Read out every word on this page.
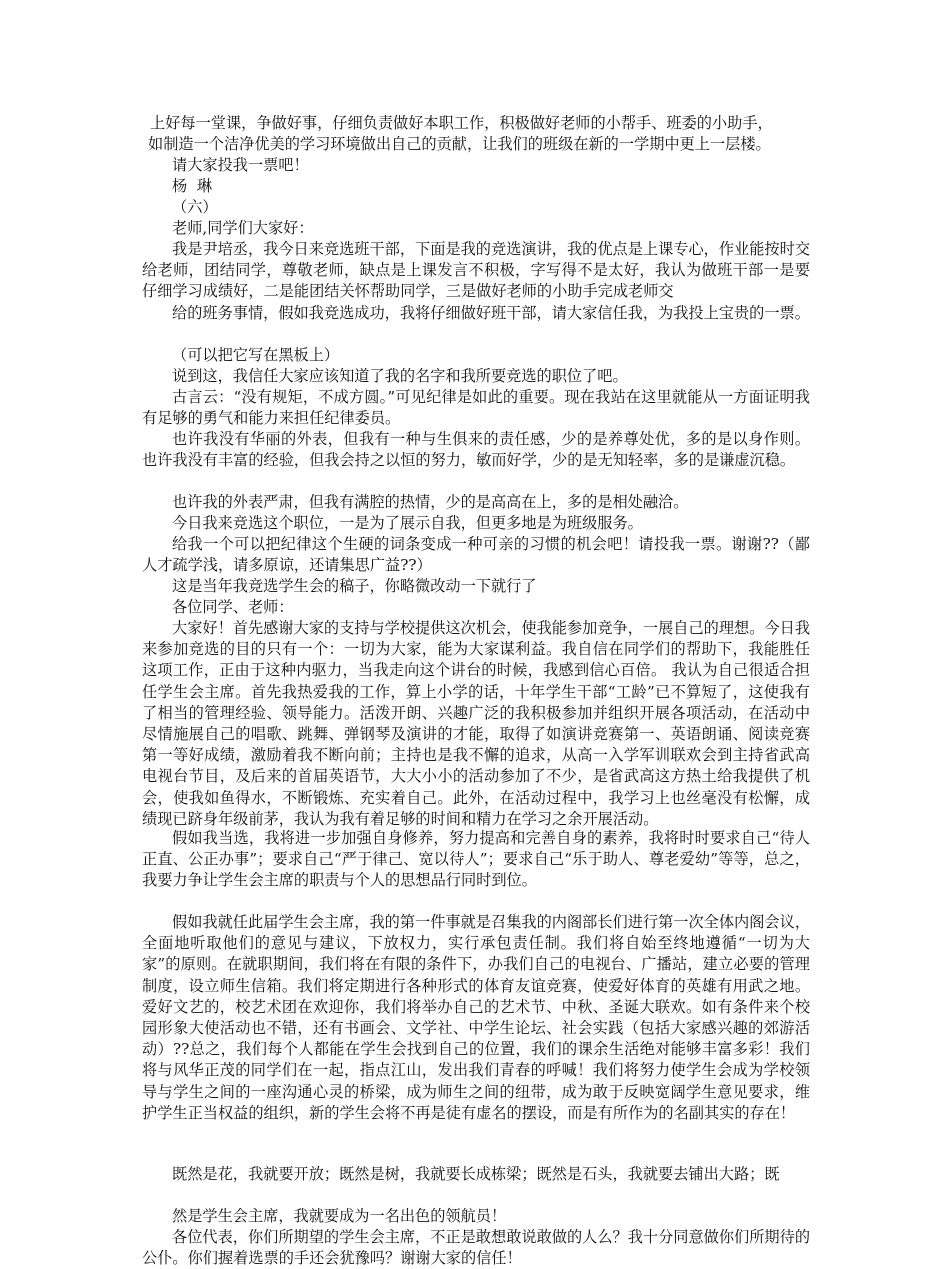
上好每一堂课，争做好事，仔细负责做好本职工作，积极做好老师的小帮手、班委的小助手，

如制造一个洁净优美的学习环境做出自己的贡献，让我们的班级在新的一学期中更上一层楼。

请大家投我一票吧！

杨  琳

（六）

老师,同学们大家好：

我是尹培丞，我今日来竞选班干部，下面是我的竞选演讲，我的优点是上课专心，作业能按时交给老师，团结同学，尊敬老师，缺点是上课发言不积极，字写得不是太好，我认为做班干部一是要仔细学习成绩好，二是能团结关怀帮助同学，三是做好老师的小助手完成老师交

给的班务事情，假如我竞选成功，我将仔细做好班干部，请大家信任我，为我投上宝贵的一票。

（可以把它写在黑板上）

说到这，我信任大家应该知道了我的名字和我所要竞选的职位了吧。

古言云：“没有规矩，不成方圆。”可见纪律是如此的重要。现在我站在这里就能从一方面证明我有足够的勇气和能力来担任纪律委员。

也许我没有华丽的外表，但我有一种与生俱来的责任感，少的是养尊处优，多的是以身作则。 也许我没有丰富的经验，但我会持之以恒的努力，敏而好学，少的是无知轻率，多的是谦虚沉稳。

也许我的外表严肃，但我有满腔的热情，少的是高高在上，多的是相处融洽。

今日我来竞选这个职位，一是为了展示自我，但更多地是为班级服务。

给我一个可以把纪律这个生硬的词条变成一种可亲的习惯的机会吧！请投我一票。谢谢??（鄙人才疏学浅，请多原谅，还请集思广益??）

这是当年我竞选学生会的稿子，你略微改动一下就行了

各位同学、老师：

大家好！首先感谢大家的支持与学校提供这次机会，使我能参加竞争，一展自己的理想。今日我来参加竞选的目的只有一个：一切为大家，能为大家谋利益。我自信在同学们的帮助下，我能胜任这项工作，正由于这种内驱力，当我走向这个讲台的时候，我感到信心百倍。 我认为自己很适合担任学生会主席。首先我热爱我的工作，算上小学的话，十年学生干部“工龄”已不算短了，这使我有了相当的管理经验、领导能力。活泼开朗、兴趣广泛的我积极参加并组织开展各项活动，在活动中尽情施展自己的唱歌、跳舞、弹钢琴及演讲的才能，取得了如演讲竞赛第一、英语朗诵、阅读竞赛第一等好成绩，激励着我不断向前；主持也是我不懈的追求，从高一入学军训联欢会到主持省武高电视台节目，及后来的首届英语节，大大小小的活动参加了不少，是省武高这方热土给我提供了机会，使我如鱼得水，不断锻炼、充实着自己。此外，在活动过程中，我学习上也丝毫没有松懈，成绩现已跻身年级前茅，我认为我有着足够的时间和精力在学习之余开展活动。

假如我当选，我将进一步加强自身修养，努力提高和完善自身的素养，我将时时要求自己“待人正直、公正办事”；要求自己“严于律己、宽以待人”；要求自己“乐于助人、尊老爱幼”等等，总之，我要力争让学生会主席的职责与个人的思想品行同时到位。

假如我就任此届学生会主席，我的第一件事就是召集我的内阁部长们进行第一次全体内阁会议，全面地听取他们的意见与建议，下放权力，实行承包责任制。我们将自始至终地遵循“一切为大家”的原则。在就职期间，我们将在有限的条件下，办我们自己的电视台、广播站，建立必要的管理制度，设立师生信箱。我们将定期进行各种形式的体育友谊竞赛，使爱好体育的英雄有用武之地。爱好文艺的，校艺术团在欢迎你，我们将举办自己的艺术节、中秋、圣诞大联欢。如有条件来个校园形象大使活动也不错，还有书画会、文学社、中学生论坛、社会实践（包括大家感兴趣的郊游活动）??总之，我们每个人都能在学生会找到自己的位置，我们的课余生活绝对能够丰富多彩！我们将与风华正茂的同学们在一起，指点江山，发出我们青春的呼喊！我们将努力使学生会成为学校领导与学生之间的一座沟通心灵的桥梁，成为师生之间的纽带，成为敢于反映宽阔学生意见要求，维护学生正当权益的组织，新的学生会将不再是徒有虚名的摆设，而是有所作为的名副其实的存在！

既然是花，我就要开放；既然是树，我就要长成栋梁；既然是石头，我就要去铺出大路；既

然是学生会主席，我就要成为一名出色的领航员！

各位代表，你们所期望的学生会主席，不正是敢想敢说敢做的人么？我十分同意做你们所期待的公仆。你们握着选票的手还会犹豫吗？谢谢大家的信任！
